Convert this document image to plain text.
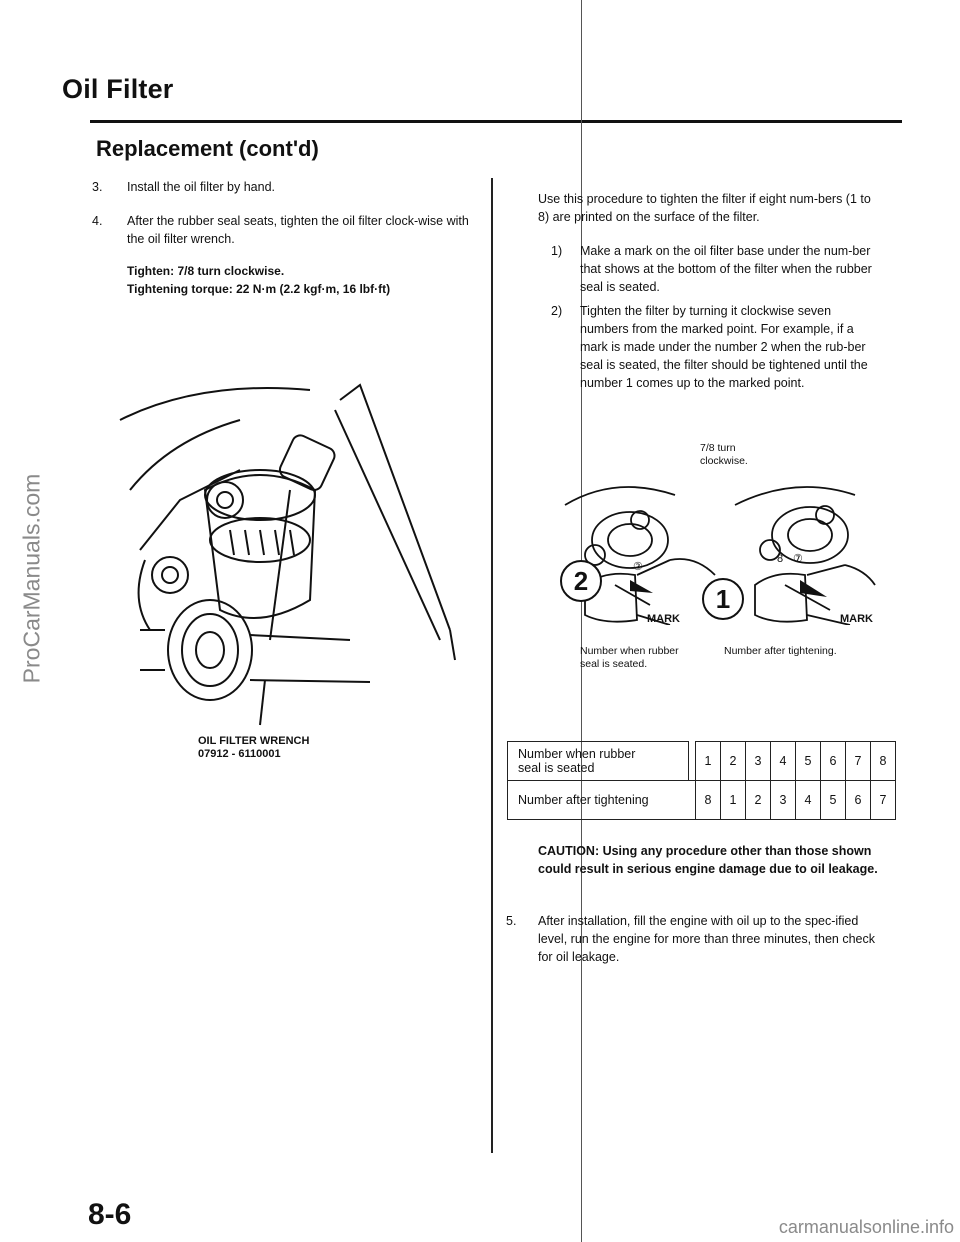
ProCarManuals.com
carmanualsonline.info
Oil Filter
Replacement (cont'd)
3. Install the oil filter by hand.
4. After the rubber seal seats, tighten the oil filter clock-wise with the oil filter wrench.
Tighten: 7/8 turn clockwise.
Tightening torque: 22 N·m (2.2 kgf·m, 16 lbf·ft)
OIL FILTER WRENCH
07912 - 6110001
Use this procedure to tighten the filter if eight num-bers (1 to 8) are printed on the surface of the filter.
1) Make a mark on the oil filter base under the num-ber that shows at the bottom of the filter when the rubber seal is seated.
2) Tighten the filter by turning it clockwise seven numbers from the marked point. For example, if a mark is made under the number 2 when the rub-ber seal is seated, the filter should be tightened until the number 1 comes up to the marked point.
7/8 turn
clockwise.
②
⑦
8
2
1
MARK	MARK
Number when rubber
seal is seated.
Number after tightening.
Number when rubber
seal is seated		1	2	3	4	5	6	7	8
Number after tightening		8	1	2	3	4	5	6	7
CAUTION: Using any procedure other than those shown could result in serious engine damage due to oil leakage.
5. After installation, fill the engine with oil up to the spec-ified level, run the engine for more than three minutes, then check for oil leakage.
8-6
